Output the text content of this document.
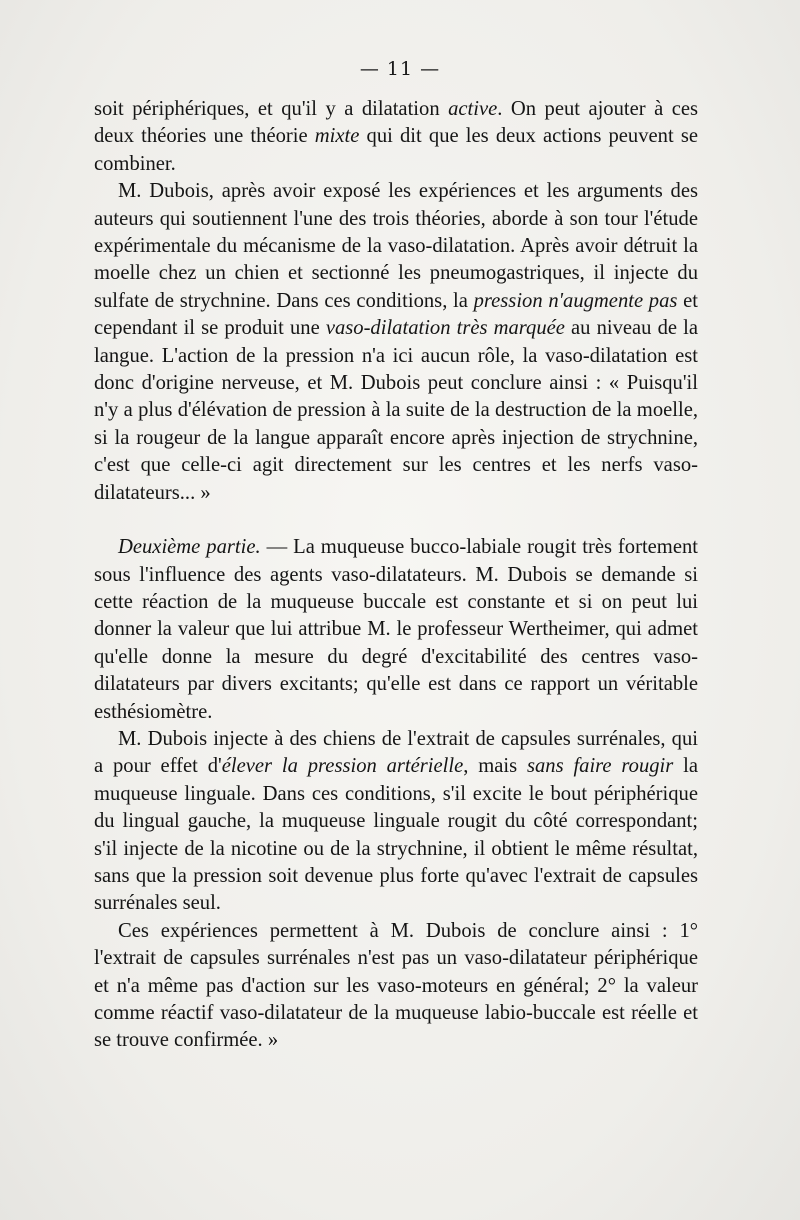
— 11 —

soit périphériques, et qu'il y a dilatation active. On peut ajouter à ces deux théories une théorie mixte qui dit que les deux actions peuvent se combiner.

M. Dubois, après avoir exposé les expériences et les arguments des auteurs qui soutiennent l'une des trois théories, aborde à son tour l'étude expérimentale du mécanisme de la vaso-dilatation. Après avoir détruit la moelle chez un chien et sectionné les pneumogastriques, il injecte du sulfate de strychnine. Dans ces conditions, la pression n'augmente pas et cependant il se produit une vaso-dilatation très marquée au niveau de la langue. L'action de la pression n'a ici aucun rôle, la vaso-dilatation est donc d'origine nerveuse, et M. Dubois peut conclure ainsi : « Puisqu'il n'y a plus d'élévation de pression à la suite de la destruction de la moelle, si la rougeur de la langue apparaît encore après injection de strychnine, c'est que celle-ci agit directement sur les centres et les nerfs vaso-dilatateurs... »

Deuxième partie. — La muqueuse bucco-labiale rougit très fortement sous l'influence des agents vaso-dilatateurs. M. Dubois se demande si cette réaction de la muqueuse buccale est constante et si on peut lui donner la valeur que lui attribue M. le professeur Wertheimer, qui admet qu'elle donne la mesure du degré d'excitabilité des centres vaso-dilatateurs par divers excitants; qu'elle est dans ce rapport un véritable esthésiomètre.

M. Dubois injecte à des chiens de l'extrait de capsules surrénales, qui a pour effet d'élever la pression artérielle, mais sans faire rougir la muqueuse linguale. Dans ces conditions, s'il excite le bout périphérique du lingual gauche, la muqueuse linguale rougit du côté correspondant; s'il injecte de la nicotine ou de la strychnine, il obtient le même résultat, sans que la pression soit devenue plus forte qu'avec l'extrait de capsules surrénales seul.

Ces expériences permettent à M. Dubois de conclure ainsi : 1° l'extrait de capsules surrénales n'est pas un vaso-dilatateur périphérique et n'a même pas d'action sur les vaso-moteurs en général; 2° la valeur comme réactif vaso-dilatateur de la muqueuse labio-buccale est réelle et se trouve confirmée. »
